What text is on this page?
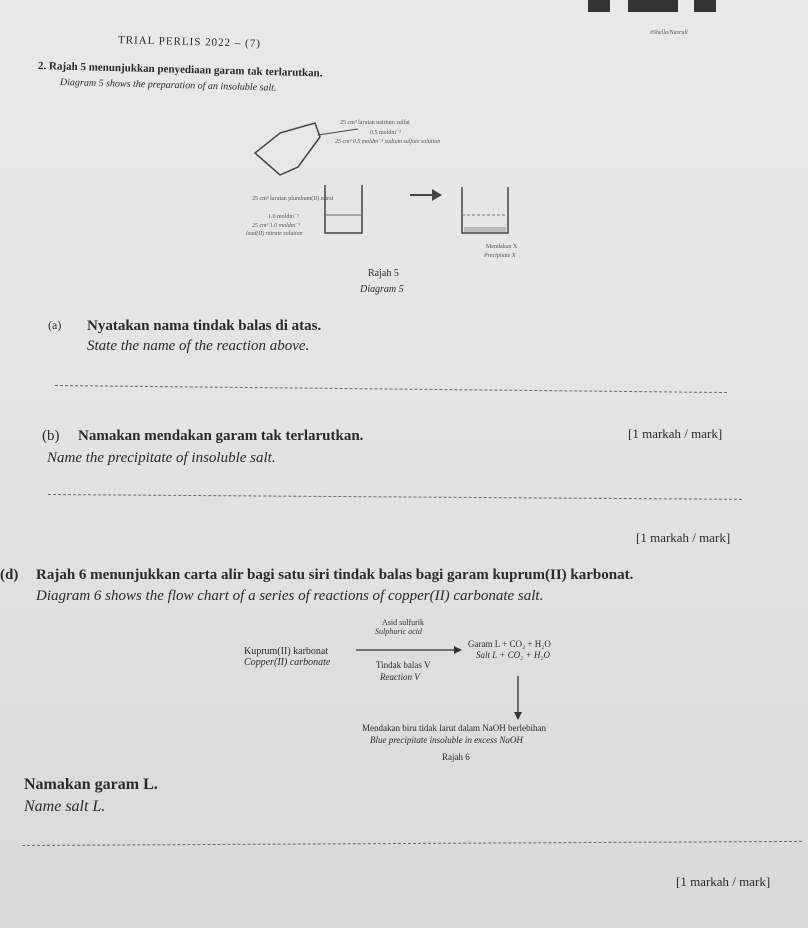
#Shella/Nasrull
TRIAL PERLIS 2022 – (7)
2. Rajah 5 menunjukkan penyediaan garam tak terlarutkan.
Diagram 5 shows the preparation of an insoluble salt.
25 cm³ larutan natrium sulfat
0.5 moldm⁻³
25 cm³ 0.5 moldm⁻³ sodium sulfate solution
25 cm³ larutan plumbum(II) nitrat
1.0 moldm⁻³
25 cm³ 1.0 moldm⁻³
lead(II) nitrate solution
Mendakan X
Precipitate X
Rajah 5
Diagram 5
(a) Nyatakan nama tindak balas di atas.
State the name of the reaction above.
(b) Namakan mendakan garam tak terlarutkan.	[1 markah / mark]
Name the precipitate of insoluble salt.
[1 markah / mark]
(d) Rajah 6 menunjukkan carta alir bagi satu siri tindak balas bagi garam kuprum(II) karbonat.
Diagram 6 shows the flow chart of a series of reactions of copper(II) carbonate salt.
Kuprum(II) karbonat
Copper(II) carbonate
Asid sulfurik
Sulphuric acid
Tindak balas V
Reaction V
Garam L + CO₂ + H₂O
Salt L + CO₂ + H₂O
Mendakan biru tidak larut dalam NaOH berlebihan
Blue precipitate insoluble in excess NaOH
Rajah 6
Namakan garam L.
Name salt L.
[1 markah / mark]
